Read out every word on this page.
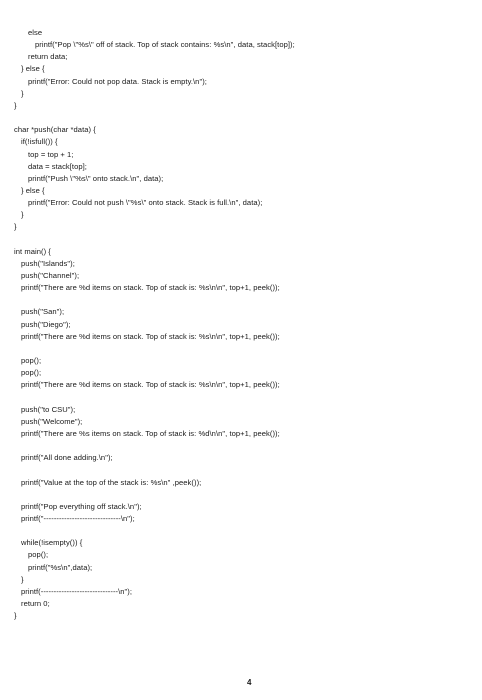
else
printf("Pop \"%s\" off of stack. Top of stack contains: %s\n", data, stack[top]);
return data;
} else {
printf("Error: Could not pop data. Stack is empty.\n");
}
}
char *push(char *data) {
if(!isfull()) {
top = top + 1;
data = stack[top];
printf("Push \"%s\" onto stack.\n", data);
} else {
printf("Error: Could not push \"%s\" onto stack. Stack is full.\n", data);
}
}
int main() {
push("Islands");
push("Channel");
printf("There are %d items on stack. Top of stack is: %s\n\n", top+1, peek());
push("San");
push("Diego");
printf("There are %d items on stack. Top of stack is: %s\n\n", top+1, peek());
pop();
pop();
printf("There are %d items on stack. Top of stack is: %s\n\n", top+1, peek());
push("to CSU");
push("Welcome");
printf("There are %s items on stack. Top of stack is: %d\n\n", top+1, peek());
printf("All done adding.\n");
printf("Value at the top of the stack is: %s\n" ,peek());
printf("Pop everything off stack.\n");
printf("------------------------------\n");
while(!isempty()) {
pop();
printf("%s\n",data);
}
printf(------------------------------\n");
return 0;
}
4
